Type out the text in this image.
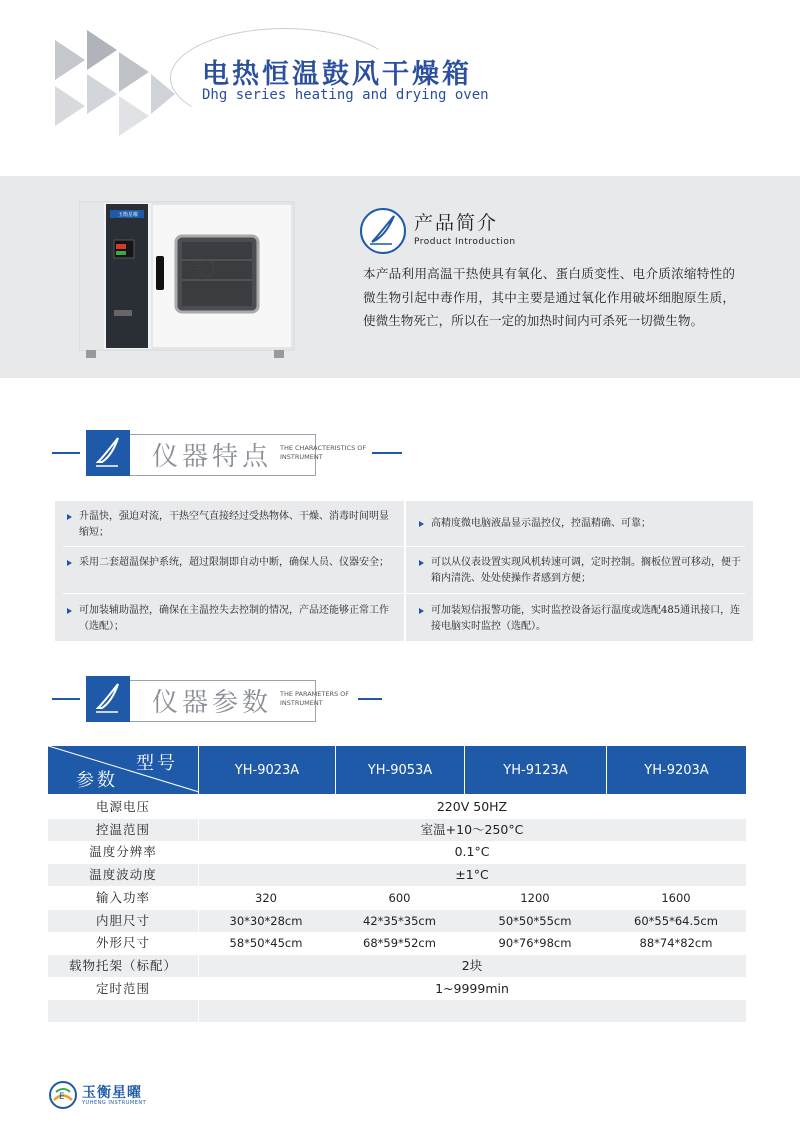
电热恒温鼓风干燥箱
Dhg series heating and drying oven
玉衡星曜	产品简介
Product Introduction
本产品利用高温干热使具有氧化、蛋白质变性、电介质浓缩特性的微生物引起中毒作用，其中主要是通过氧化作用破坏细胞原生质，使微生物死亡，所以在一定的加热时间内可杀死一切微生物。
仪器特点 THE CHARACTERISTICS OF INSTRUMENT
升温快，强迫对流，干热空气直接经过受热物体、干燥、消毒时间明显缩短；
高精度微电脑液晶显示温控仪，控温精确、可靠；
采用二套超温保护系统，超过限制即自动中断，确保人员、仪器安全；	可以从仪表设置实现风机转速可调，定时控制。搁板位置可移动，便于箱内清洗、处处使操作者感到方便；
可加装辅助温控，确保在主温控失去控制的情况，产品还能够正常工作（选配）；
可加装短信报警功能，实时监控设备运行温度或选配485通讯接口，连接电脑实时监控（选配）。
仪器参数 THE PARAMETERS OF INSTRUMENT
型号
参数	YH-9023A	YH-9053A	YH-9123A	YH-9203A
电源电压	220V 50HZ
控温范围	室温+10～250°C
温度分辨率	0.1°C
温度波动度	±1°C
输入功率	320	600	1200	1600
内胆尺寸	30*30*28cm	42*35*35cm	50*50*55cm	60*55*64.5cm
外形尺寸	58*50*45cm	68*59*52cm	90*76*98cm	88*74*82cm
载物托架（标配）	2块
定时范围	1~9999min
E 玉衡星曜
YUHENG INSTRUMENT
